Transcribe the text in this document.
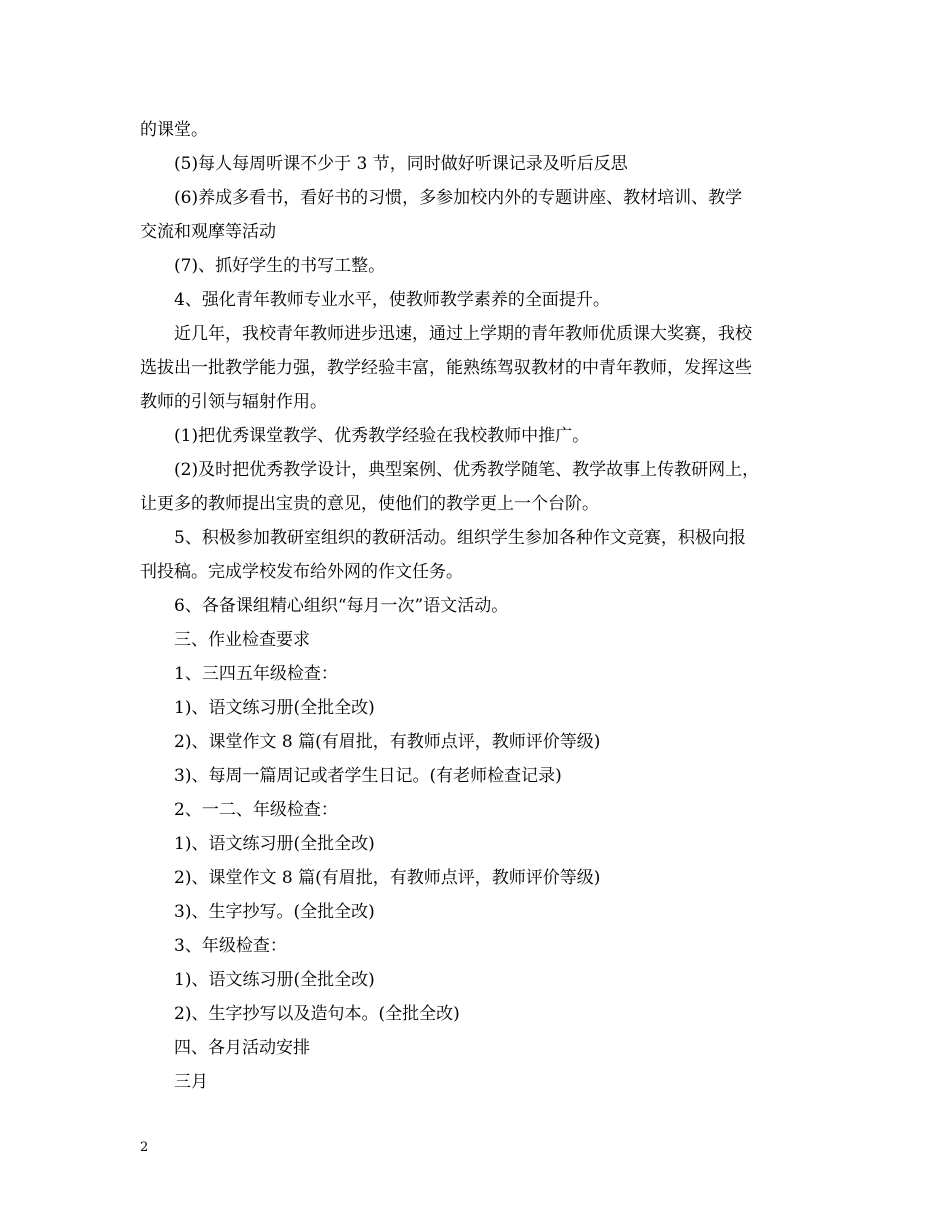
的课堂。

(5)每人每周听课不少于 3 节，同时做好听课记录及听后反思

(6)养成多看书，看好书的习惯，多参加校内外的专题讲座、教材培训、教学

交流和观摩等活动

(7)、抓好学生的书写工整。

4、强化青年教师专业水平，使教师教学素养的全面提升。

近几年，我校青年教师进步迅速，通过上学期的青年教师优质课大奖赛，我校

选拔出一批教学能力强，教学经验丰富，能熟练驾驭教材的中青年教师，发挥这些

教师的引领与辐射作用。

(1)把优秀课堂教学、优秀教学经验在我校教师中推广。

(2)及时把优秀教学设计，典型案例、优秀教学随笔、教学故事上传教研网上，

让更多的教师提出宝贵的意见，使他们的教学更上一个台阶。

5、积极参加教研室组织的教研活动。组织学生参加各种作文竞赛，积极向报

刊投稿。完成学校发布给外网的作文任务。

6、各备课组精心组织“每月一次”语文活动。

三、作业检查要求

1、三四五年级检查：

1)、语文练习册(全批全改)

2)、课堂作文 8 篇(有眉批，有教师点评，教师评价等级)

3)、每周一篇周记或者学生日记。(有老师检查记录)

2、一二、年级检查：

1)、语文练习册(全批全改)

2)、课堂作文 8 篇(有眉批，有教师点评，教师评价等级)

3)、生字抄写。(全批全改)

3、年级检查：

1)、语文练习册(全批全改)

2)、生字抄写以及造句本。(全批全改)

四、各月活动安排

三月

2
